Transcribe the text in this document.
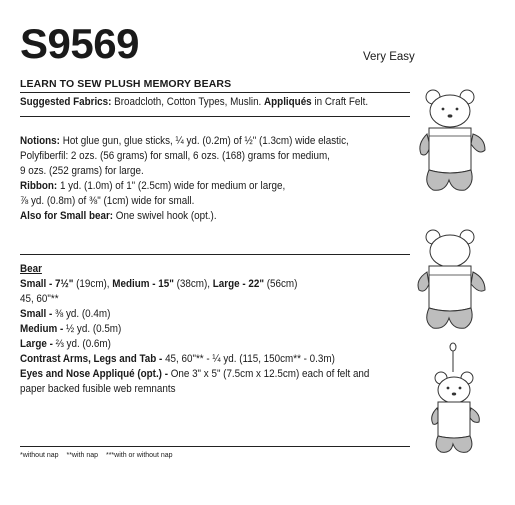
S9569	Very Easy
LEARN TO SEW PLUSH MEMORY BEARS
Suggested Fabrics: Broadcloth, Cotton Types, Muslin. Appliqués in Craft Felt.
Notions: Hot glue gun, glue sticks, ¼ yd. (0.2m) of ½" (1.3cm) wide elastic,
Polyfiberfil: 2 ozs. (56 grams) for small, 6 ozs. (168) grams for medium,
9 ozs. (252 grams) for large.
Ribbon: 1 yd. (1.0m) of 1" (2.5cm) wide for medium or large,
⅞ yd. (0.8m) of ⅜" (1cm) wide for small.
Also for Small bear: One swivel hook (opt.).
Bear
Small - 7½" (19cm), Medium - 15" (38cm), Large - 22" (56cm)
45, 60"**
Small - ⅜ yd. (0.4m)
Medium - ½ yd. (0.5m)
Large - ⅔ yd. (0.6m)
Contrast Arms, Legs and Tab - 45, 60"** - ¼ yd. (115, 150cm** - 0.3m)
Eyes and Nose Appliqué (opt.) - One 3" x 5" (7.5cm x 12.5cm) each of felt and
paper backed fusible web remnants
*without nap **with nap ***with or without nap
